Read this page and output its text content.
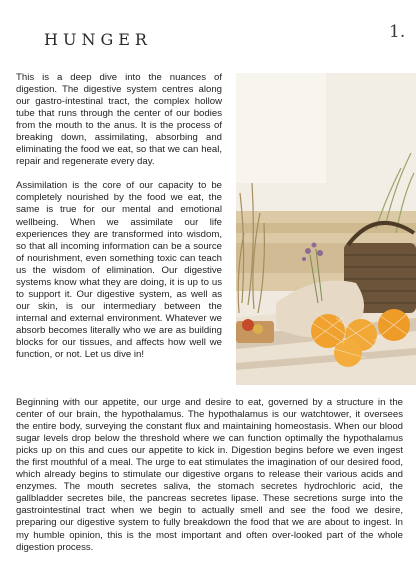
HUNGER	1.

This is a deep dive into the nuances of digestion. The digestive system centres along our gastro-intestinal tract, the complex hollow tube that runs through the center of our bodies from the mouth to the anus. It is the process of breaking down, assimilating, absorbing and eliminating the food we eat, so that we can heal, repair and regenerate every day.

Assimilation is the core of our capacity to be completely nourished by the food we eat, the same is true for our mental and emotional wellbeing. When we assimilate our life experiences they are transformed into wisdom, so that all incoming information can be a source of nourishment, even something toxic can teach us the wisdom of elimination. Our digestive systems know what they are doing, it is up to us to support it. Our digestive system, as well as our skin, is our intermediary between the internal and external environment. Whatever we absorb becomes literally who we are as building blocks for our tissues, and affects how well we function, or not. Let us dive in!

Beginning with our appetite, our urge and desire to eat, governed by a structure in the center of our brain, the hypothalamus. The hypothalamus is our watchtower, it oversees the entire body, surveying the constant flux and maintaining homeostasis. When our blood sugar levels drop below the threshold where we can function optimally the hypothalamus picks up on this and cues our appetite to kick in. Digestion begins before we even ingest the first mouthful of a meal. The urge to eat stimulates the imagination of our desired food, which already begins to stimulate our digestive organs to release their various acids and enzymes. The mouth secretes saliva, the stomach secretes hydrochloric acid, the gallbladder secretes bile, the pancreas secretes lipase. These secretions surge into the gastrointestinal tract when we begin to actually smell and see the food we desire, preparing our digestive system to fully breakdown the food that we are about to ingest. In my humble opinion, this is the most important and often over-looked part of the whole digestion process.
